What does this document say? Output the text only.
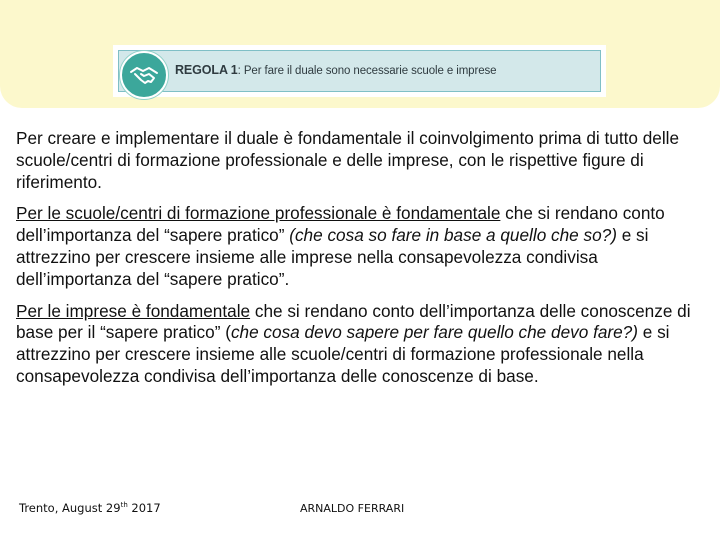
REGOLA 1: Per fare il duale sono necessarie scuole e imprese

Per creare e implementare il duale è fondamentale il coinvolgimento prima di tutto delle scuole/centri di formazione professionale e delle imprese, con le rispettive figure di riferimento.

Per le scuole/centri di formazione professionale è fondamentale che si rendano conto dell’importanza del “sapere pratico” (che cosa so fare in base a quello che so?) e si attrezzino per crescere insieme alle imprese nella consapevolezza condivisa dell’importanza del “sapere pratico”.

Per le imprese è fondamentale che si rendano conto dell’importanza delle conoscenze di base per il “sapere pratico” (che cosa devo sapere per fare quello che devo fare?) e si attrezzino per crescere insieme alle scuole/centri di formazione professionale nella consapevolezza condivisa dell’importanza delle conoscenze di base.

Trento, August 29th 2017	ARNALDO FERRARI
